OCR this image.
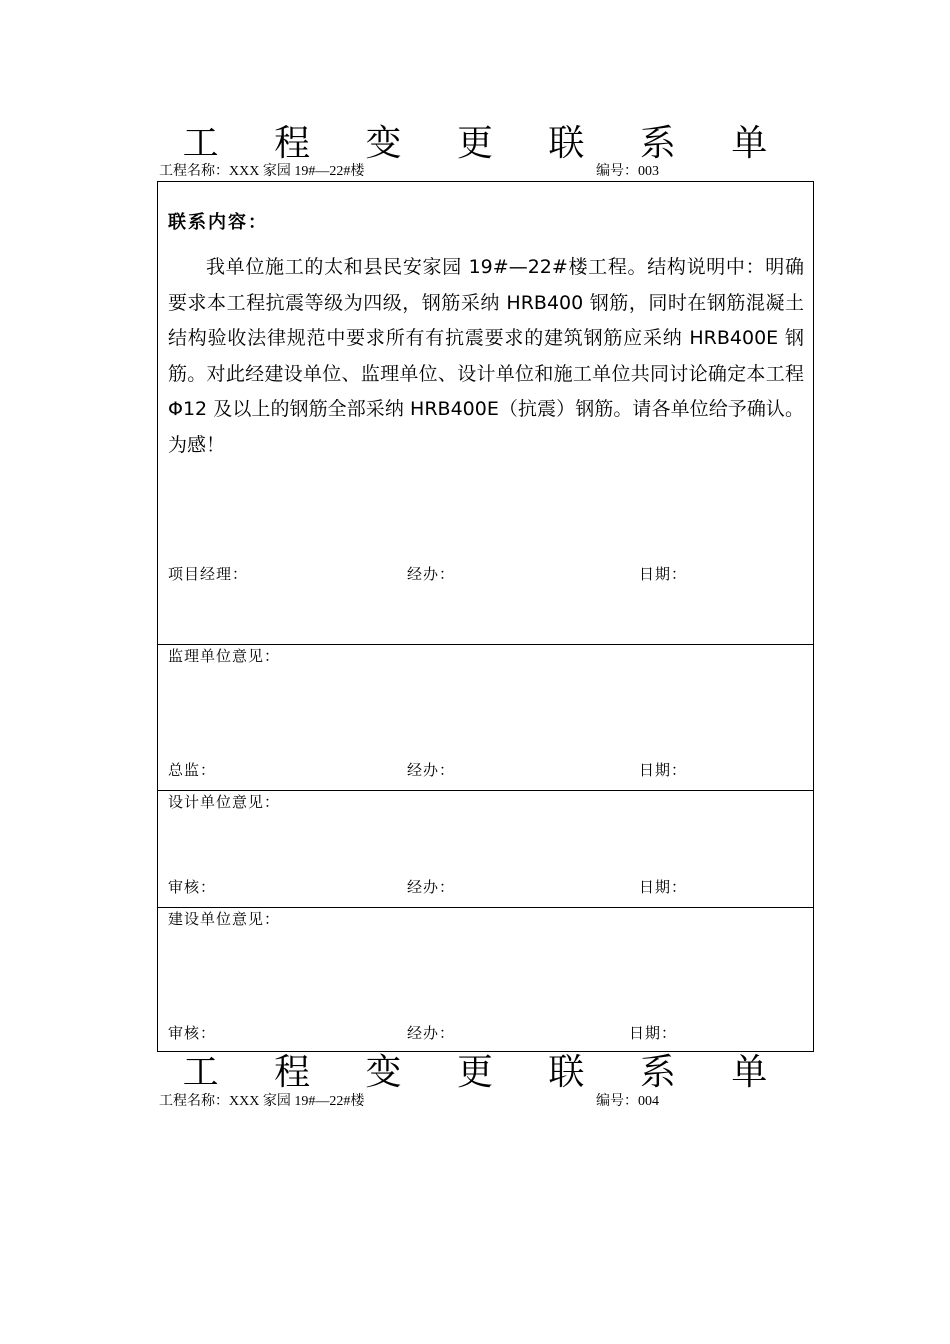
工 程 变 更 联 系 单
工程名称：XXX 家园 19#—22#楼	编号：003
联系内容：

我单位施工的太和县民安家园 19#—22#楼工程。结构说明中：明确要求本工程抗震等级为四级，钢筋采纳 HRB400 钢筋，同时在钢筋混凝土结构验收法律规范中要求所有有抗震要求的建筑钢筋应采纳 HRB400E 钢筋。对此经建设单位、监理单位、设计单位和施工单位共同讨论确定本工程 Φ12 及以上的钢筋全部采纳 HRB400E（抗震）钢筋。请各单位给予确认。为感！

项目经理：	经办：	日期：
监理单位意见：
总监：	经办：	日期：
设计单位意见：
审核：	经办：	日期：
建设单位意见：
审核：	经办：	日期：
工 程 变 更 联 系 单
工程名称：XXX 家园 19#—22#楼	编号：004
